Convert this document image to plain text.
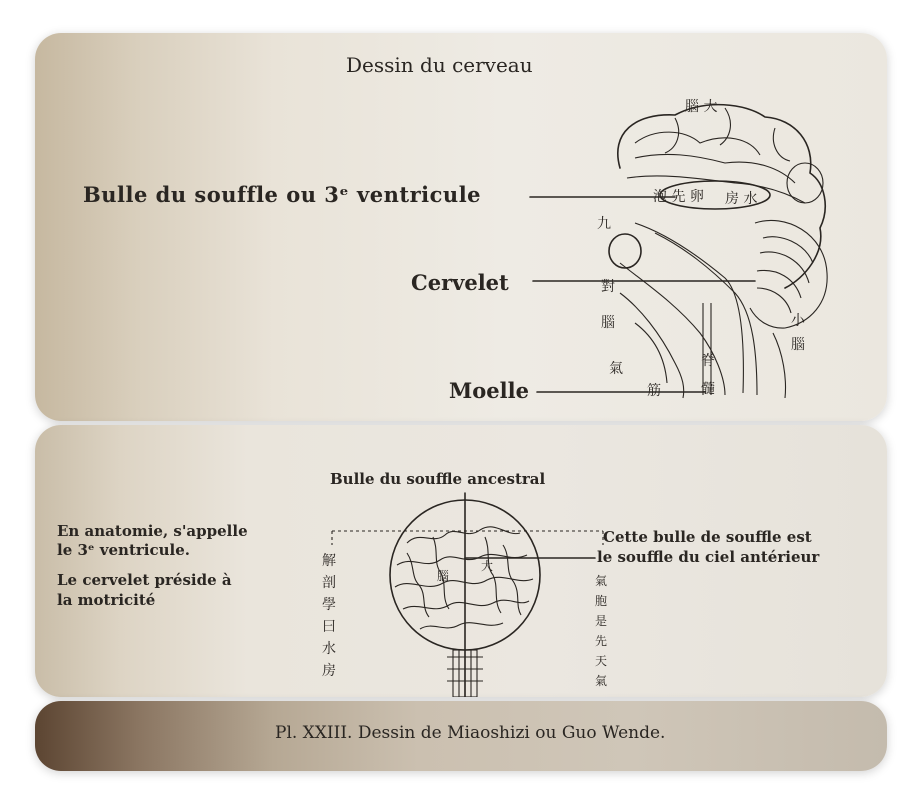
Dessin du cerveau
Bulle du souffle ou 3ᵉ ventricule
Cervelet
Moelle
腦 大
泡 先 卵 房 水
九
對
腦
氣
筋
脊
髓
小
腦
Bulle du souffle ancestral
En anatomie, s'appelle
le 3ᵉ ventricule.
Le cervelet préside à
la motricité
Cette bulle de souffle est
le souffle du ciel antérieur
腦
大
解
剖
學
曰
水
房
氣
胞
是
先
天
氣
Pl. XXIII. Dessin de Miaoshizi ou Guo Wende.
